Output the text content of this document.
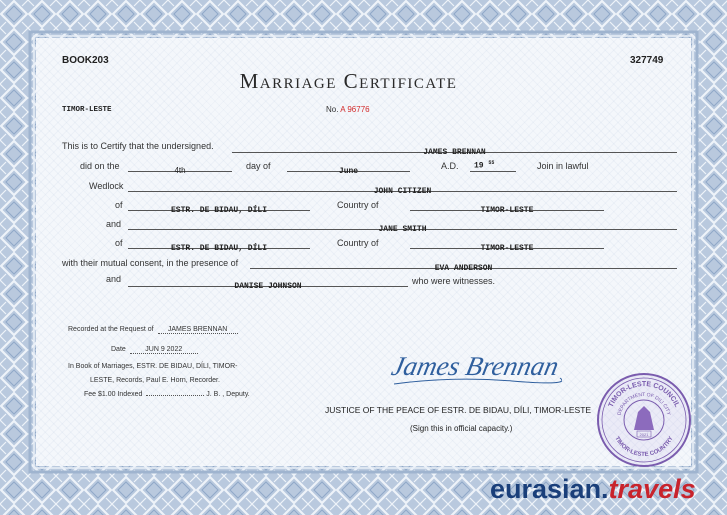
BOOK203	327749
Marriage Certificate
TIMOR-LESTE	No. A 96776
This is to Certify that the undersigned.
JAMES BRENNAN
did on the	4th	day of
June
A.D. 19 $^{55}$	Join in lawful
Wedlock
JOHN CITIZEN
of
ESTR. DE BIDAU, DÍLI
Country of
TIMOR-LESTE
and
JANE SMITH
of
ESTR. DE BIDAU, DÍLI
Country of
TIMOR-LESTE
with their mutual consent, in the presence of
EVA ANDERSON
and
DANISE JOHNSON
who were witnesses.
Recorded at the Request of JAMES BRENNAN
Date	JUN 9 2022
In Book of Marriages, ESTR. DE BIDAU, DÍLI, TIMOR-
LESTE, Records, Paul E. Horn, Recorder.
Fee $1.00 Indexed	J. B. , Deputy.
James Brennan
JUSTICE OF THE PEACE OF ESTR. DE BIDAU, DÍLI, TIMOR-LESTE
(Sign this in official capacity.)
TIMOR-LESTE COUNCIL
DEPARTMENT OF DILI CITY
TIMOR-LESTE COUNTRY
2021
eurasian.travels
